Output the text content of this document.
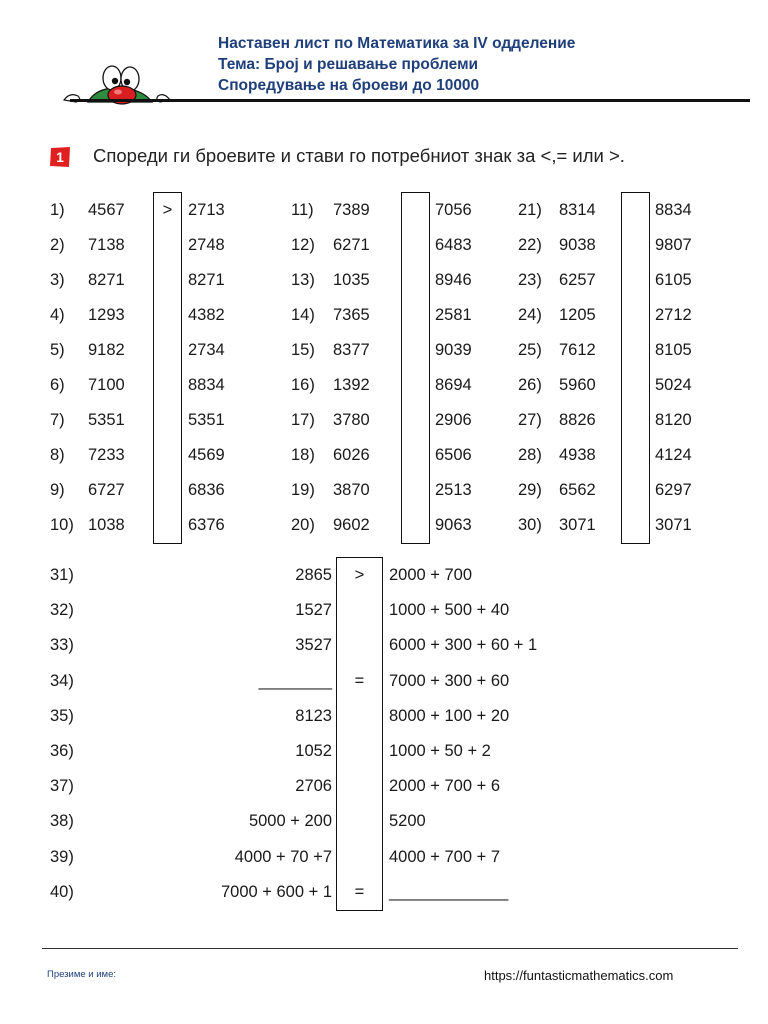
Наставен лист по Математика за IV одделение
Тема: Број и решавање проблеми
Споредување на броеви до 10000
1 Спореди ги броевите и стави го потребниот знак за <,= или >.
1) 4567	> 2713
2) 7138	2748
3) 8271	8271
4) 1293	4382
5) 9182	2734
6) 7100	8834
7) 5351	5351
8) 7233	4569
9) 6727	6836
10) 1038	6376
11) 7389	7056
12) 6271	6483
13) 1035	8946
14) 7365	2581
15) 8377	9039
16) 1392	8694
17) 3780	2906
18) 6026	6506
19) 3870	2513
20) 9602	9063
21) 8314	8834
22) 9038	9807
23) 6257	6105
24) 1205	2712
25) 7612	8105
26) 5960	5024
27) 8826	8120
28) 4938	4124
29) 6562	6297
30) 3071	3071
31)	2865	>	2000 + 700
32)	1527	1000 + 500 + 40
33)	3527	6000 + 300 + 60 + 1
34)	________	=	7000 + 300 + 60
35)	8123	8000 + 100 + 20
36)	1052	1000 + 50 + 2
37)	2706	2000 + 700 + 6
38)	5000 + 200	5200
39)	4000 + 70 +7	4000 + 700 + 7
40)	7000 + 600 + 1	=	_____________
Презиме и име:	https://funtasticmathematics.com
